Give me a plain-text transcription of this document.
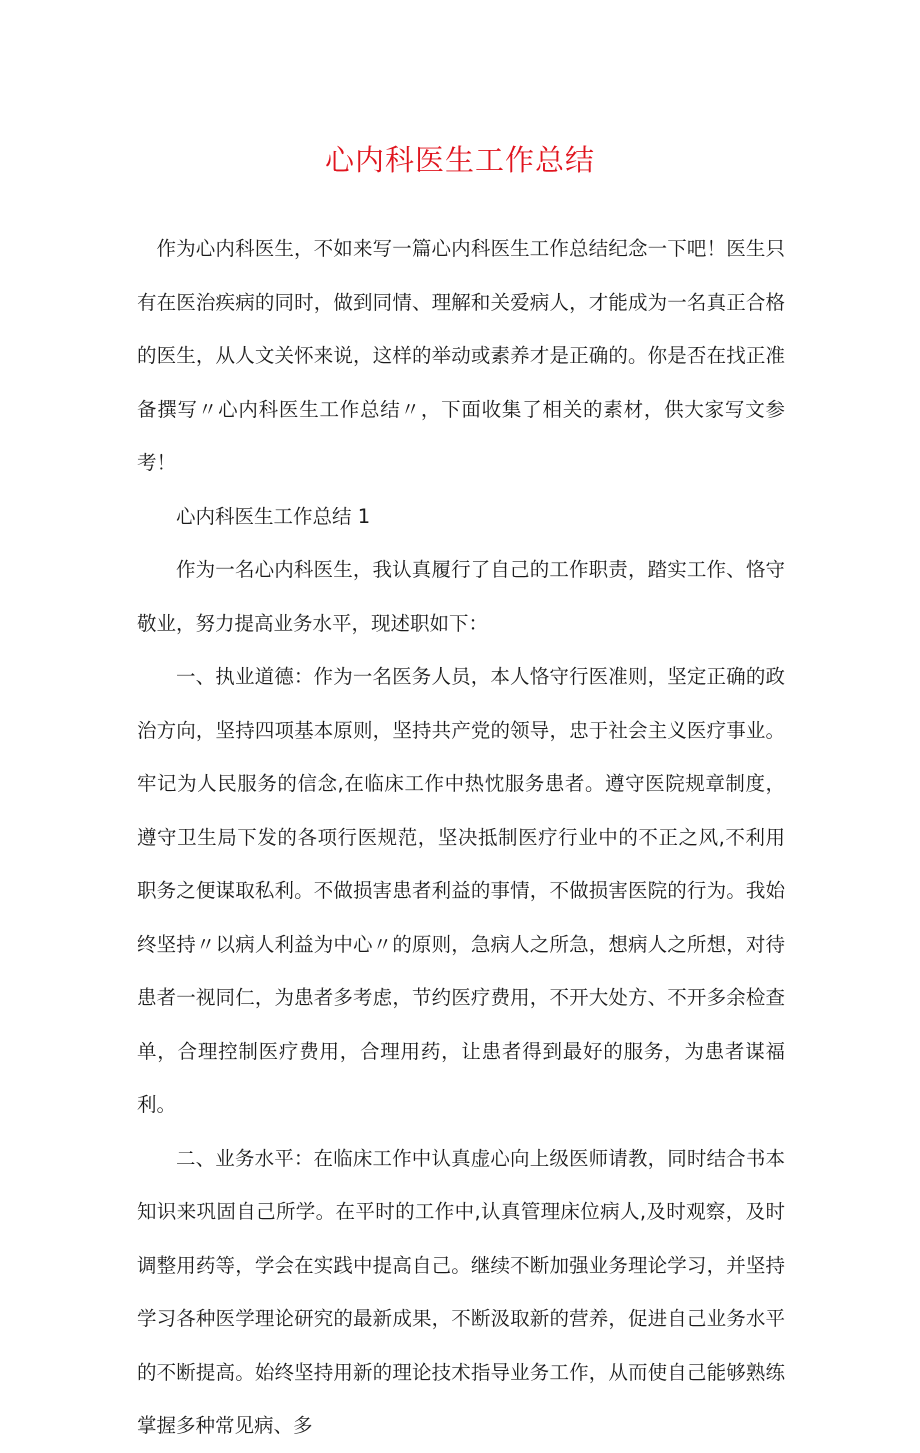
心内科医生工作总结

作为心内科医生，不如来写一篇心内科医生工作总结纪念一下吧！医生只有在医治疾病的同时，做到同情、理解和关爱病人，才能成为一名真正合格的医生，从人文关怀来说，这样的举动或素养才是正确的。你是否在找正准备撰写〃心内科医生工作总结〃，下面收集了相关的素材，供大家写文参考！

心内科医生工作总结 1

作为一名心内科医生，我认真履行了自己的工作职责，踏实工作、恪守敬业，努力提高业务水平，现述职如下：

一、执业道德：作为一名医务人员，本人恪守行医准则，坚定正确的政治方向，坚持四项基本原则，坚持共产党的领导，忠于社会主义医疗事业。牢记为人民服务的信念,在临床工作中热忱服务患者。遵守医院规章制度，遵守卫生局下发的各项行医规范，坚决抵制医疗行业中的不正之风,不利用职务之便谋取私利。不做损害患者利益的事情，不做损害医院的行为。我始终坚持〃以病人利益为中心〃的原则，急病人之所急，想病人之所想，对待患者一视同仁，为患者多考虑，节约医疗费用，不开大处方、不开多余检查单，合理控制医疗费用，合理用药，让患者得到最好的服务，为患者谋福利。

二、业务水平：在临床工作中认真虚心向上级医师请教，同时结合书本知识来巩固自己所学。在平时的工作中,认真管理床位病人,及时观察，及时调整用药等，学会在实践中提高自己。继续不断加强业务理论学习，并坚持学习各种医学理论研究的最新成果，不断汲取新的营养，促进自己业务水平的不断提高。始终坚持用新的理论技术指导业务工作，从而使自己能够熟练掌握多种常见病、多
